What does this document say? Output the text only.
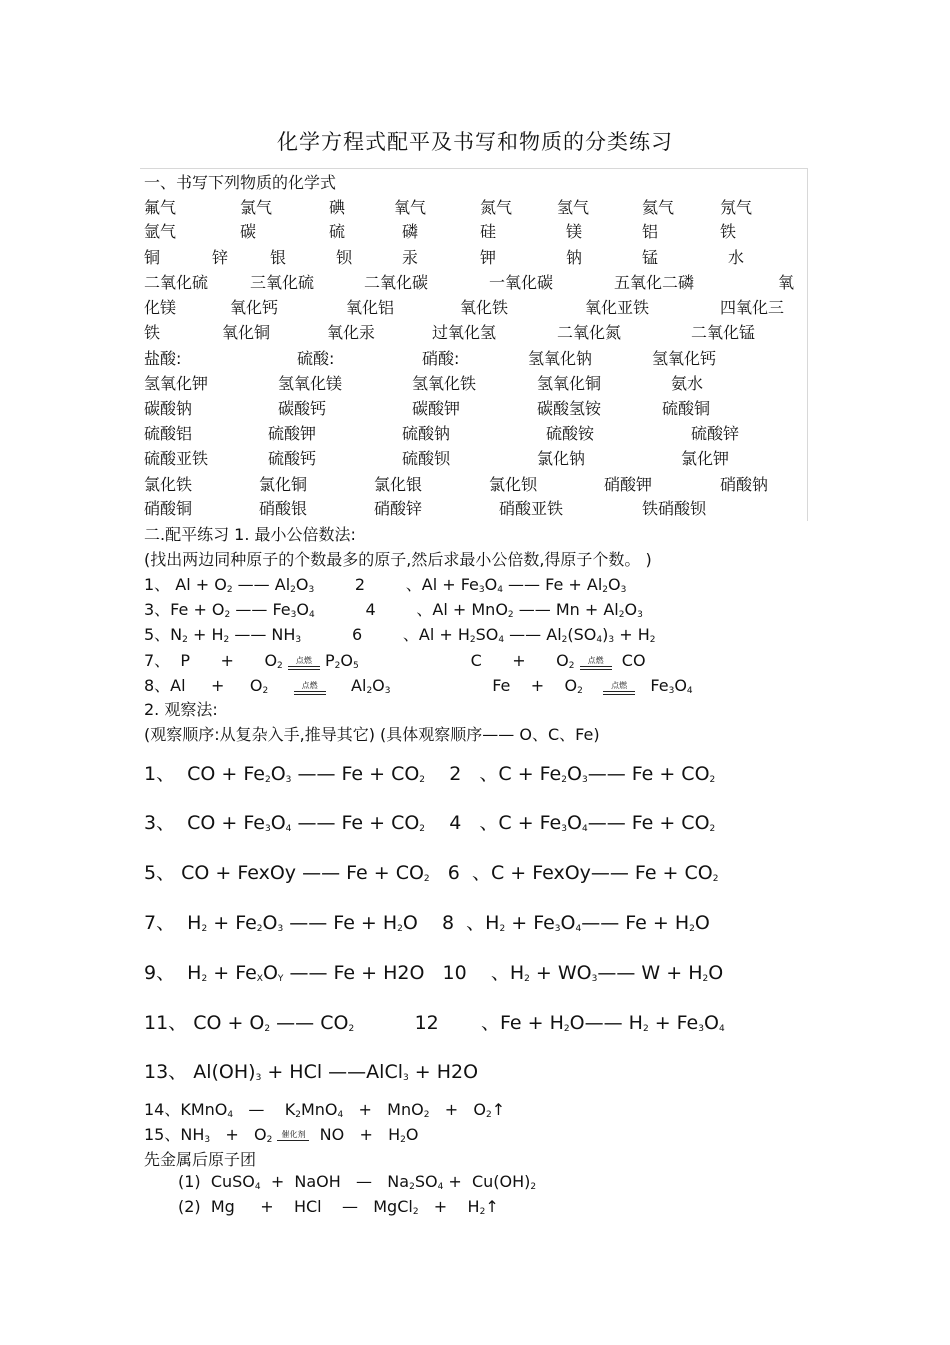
化学方程式配平及书写和物质的分类练习
一、书写下列物质的化学式
氟气	氯气	碘	氧气	氮气	氢气	氦气	氖气
氩气	碳	硫	磷	硅	镁	铝	铁
铜	锌	银	钡	汞	钾	钠	锰	水
二氧化硫	三氧化硫	二氧化碳	一氧化碳	五氧化二磷	氧
化镁	氧化钙	氧化铝	氧化铁	氧化亚铁	四氧化三
铁	氧化铜	氧化汞	过氧化氢	二氧化氮	二氧化锰
盐酸:	硫酸:	硝酸:	氢氧化钠	氢氧化钙
氢氧化钾	氢氧化镁	氢氧化铁	氢氧化铜	氨水
碳酸钠	碳酸钙	碳酸钾	碳酸氢铵	硫酸铜
硫酸铝	硫酸钾	硫酸钠	硫酸铵	硫酸锌
硫酸亚铁	硫酸钙	硫酸钡	氯化钠	氯化钾
氯化铁	氯化铜	氯化银	氯化钡	硝酸钾	硝酸钠
硝酸铜	硝酸银	硝酸锌	硝酸亚铁	铁硝酸钡
二.配平练习 1. 最小公倍数法:
(找出两边同种原子的个数最多的原子,然后求最小公倍数,得原子个数。 )
1、 $Al + O_2$ —— $Al_2O_3$        2        、$Al + Fe_3O_4$ —— $Fe + Al_2O_3$
3、$Fe + O_2$ —— $Fe_3O_4$          4        、Al + MnO$_2$ —— $Mn + Al_2O_3$
5、$N_2 + H_2$ —— $NH_3$          6        、$Al + H_2SO_4$ —— $Al_2(SO_4)_3 + H_2$
7、  P      +      $O_2$
点燃 $P_2O_5$                      C      +      $O_2$
点燃 CO
8、Al     +     $O_2$
点燃 $Al_2O_3$                    Fe    +    $O_2$
点燃 $Fe_3O_4$
2. 观察法:
(观察顺序:从复杂入手,推导其它) (具体观察顺序—— O、C、Fe)
1、  CO + $Fe_2O_3$ —— $Fe + CO_2$    2   、$C + Fe_2O_3——$ $Fe + CO_2$
3、  CO + $Fe_3O_4$ —— $Fe + CO_2$    4   、$C + Fe_3O_4——$ $Fe + CO_2$
5、 CO + FexOy —— $Fe + CO_2$   6  、C + FexOy—— $Fe + CO_2$
7、  $H_2 + Fe_2O_3$ —— $Fe + H_2O$    8  、$H_2$ + $Fe_3O_4——$ $Fe + H_2O$
9、  $H_2 + Fe_XO_Y$ —— Fe + H2O   10    、$H_2$ + $WO_3——$ $W + H_2O$
11、 CO + $O_2$ —— $CO_2$          12       、$Fe + H_2O——$ $H_2 + Fe_3O_4$
13、 $Al(OH)_3$ + HCl ——AlCl$_3$ + H2O
14、KMnO$_4$   —    $K_2MnO_4 + MnO_2$   +   $O_2↑$
15、$NH_3 + O_2$
催化剂 NO   +   $H_2O$
先金属后原子团
(1)  CuSO$_4$  +  NaOH   —   $Na_2SO_4 + Cu(OH)_2$
(2)  Mg     +    HCl    —   MgCl$_2$   +    $H_2↑$
